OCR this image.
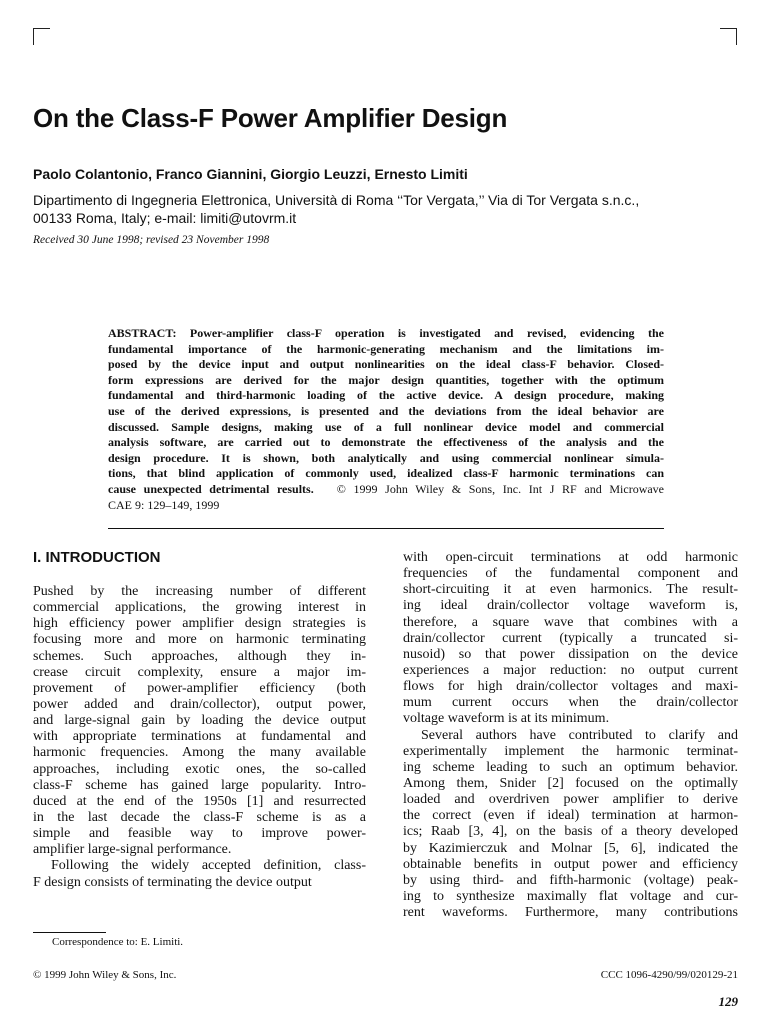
On the Class-F Power Amplifier Design
Paolo Colantonio, Franco Giannini, Giorgio Leuzzi, Ernesto Limiti
Dipartimento di Ingegneria Elettronica, Università di Roma ‘‘Tor Vergata,’’ Via di Tor Vergata s.n.c.,
00133 Roma, Italy; e-mail: limiti@utovrm.it
Received 30 June 1998; revised 23 November 1998
ABSTRACT: Power-amplifier class-F operation is investigated and revised, evidencing the
fundamental importance of the harmonic-generating mechanism and the limitations im-
posed by the device input and output nonlinearities on the ideal class-F behavior. Closed-
form expressions are derived for the major design quantities, together with the optimum
fundamental and third-harmonic loading of the active device. A design procedure, making
use of the derived expressions, is presented and the deviations from the ideal behavior are
discussed. Sample designs, making use of a full nonlinear device model and commercial
analysis software, are carried out to demonstrate the effectiveness of the analysis and the
design procedure. It is shown, both analytically and using commercial nonlinear simula-
tions, that blind application of commonly used, idealized class-F harmonic terminations can
cause unexpected detrimental results. © 1999 John Wiley & Sons, Inc. Int J RF and Microwave
CAE 9: 129–149, 1999
I. INTRODUCTION
Pushed by the increasing number of different
commercial applications, the growing interest in
high efficiency power amplifier design strategies is
focusing more and more on harmonic terminating
schemes. Such approaches, although they in-
crease circuit complexity, ensure a major im-
provement of power-amplifier efficiency (both
power added and drain/collector), output power,
and large-signal gain by loading the device output
with appropriate terminations at fundamental and
harmonic frequencies. Among the many available
approaches, including exotic ones, the so-called
class-F scheme has gained large popularity. Intro-
duced at the end of the 1950s [1] and resurrected
in the last decade the class-F scheme is as a
simple and feasible way to improve power-
amplifier large-signal performance.
Following the widely accepted definition, class-
F design consists of terminating the device output
with open-circuit terminations at odd harmonic
frequencies of the fundamental component and
short-circuiting it at even harmonics. The result-
ing ideal drain/collector voltage waveform is,
therefore, a square wave that combines with a
drain/collector current (typically a truncated si-
nusoid) so that power dissipation on the device
experiences a major reduction: no output current
flows for high drain/collector voltages and maxi-
mum current occurs when the drain/collector
voltage waveform is at its minimum.
Several authors have contributed to clarify and
experimentally implement the harmonic terminat-
ing scheme leading to such an optimum behavior.
Among them, Snider [2] focused on the optimally
loaded and overdriven power amplifier to derive
the correct (even if ideal) termination at harmon-
ics; Raab [3, 4], on the basis of a theory developed
by Kazimierczuk and Molnar [5, 6], indicated the
obtainable benefits in output power and efficiency
by using third- and fifth-harmonic (voltage) peak-
ing to synthesize maximally flat voltage and cur-
rent waveforms. Furthermore, many contributions
Correspondence to: E. Limiti.
© 1999 John Wiley & Sons, Inc.	CCC 1096-4290/99/020129-21
129
